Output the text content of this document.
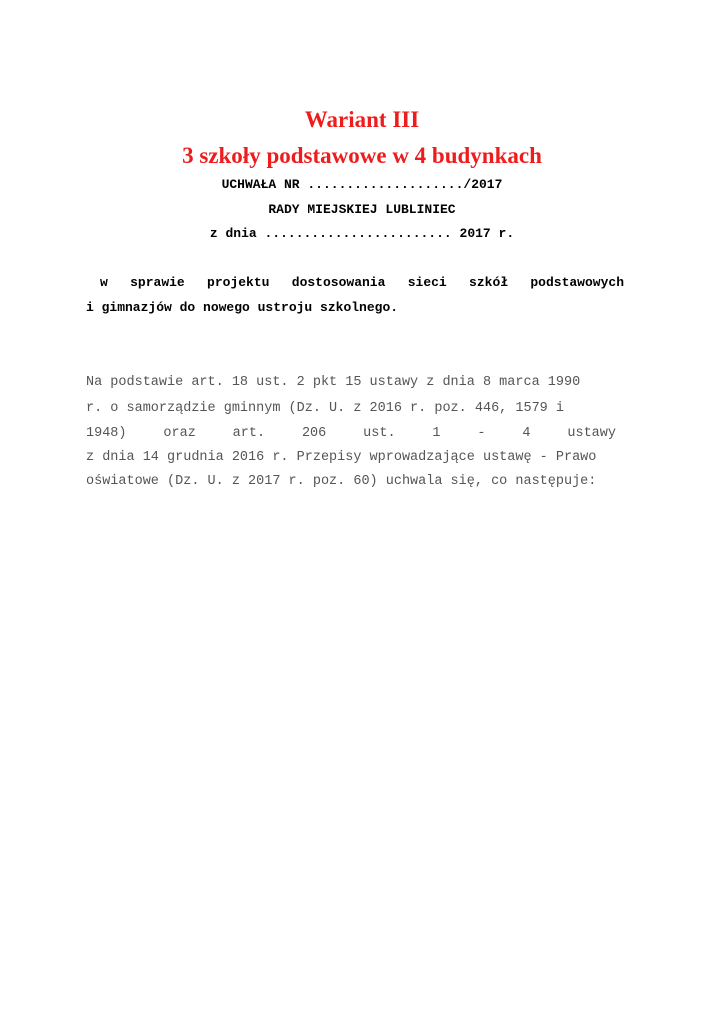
Wariant III
3 szkoły podstawowe w 4 budynkach
UCHWAŁA NR ..................../2017
RADY MIEJSKIEJ LUBLINIEC
z dnia ........................ 2017 r.
w sprawie projektu dostosowania sieci szkół podstawowych
i gimnazjów do nowego ustroju szkolnego.
Na podstawie art. 18 ust. 2 pkt 15 ustawy z dnia 8 marca 1990
r. o samorządzie gminnym (Dz. U. z 2016 r. poz. 446, 1579 i
1948)	oraz	art.	206	ust.	1	-	4	ustawy
z dnia 14 grudnia 2016 r. Przepisy wprowadzające ustawę - Prawo
oświatowe (Dz. U. z 2017 r. poz. 60) uchwala się, co następuje:
